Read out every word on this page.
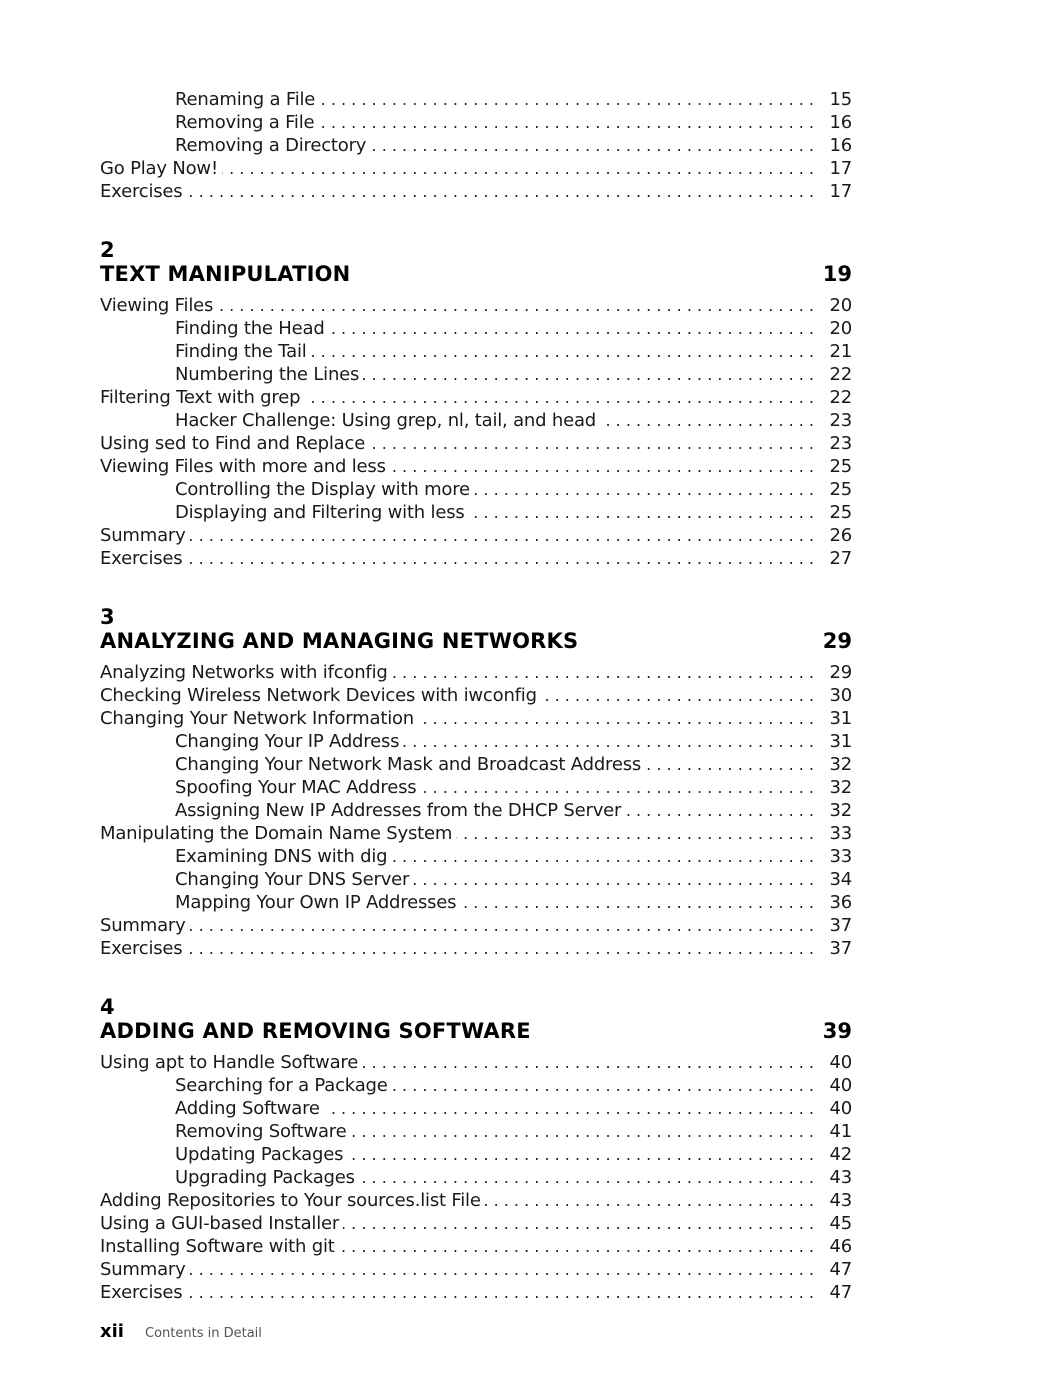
Renaming a File . . .	15
Removing a File . . .	16
Removing a Directory . . .	16
Go Play Now! . . .	17
Exercises . . .	17
2
TEXT MANIPULATION	19
Viewing Files . . .	20
Finding the Head . . .	20
Finding the Tail . . .	21
Numbering the Lines . . .	22
Filtering Text with grep . . .	22
Hacker Challenge: Using grep, nl, tail, and head . . .	23
Using sed to Find and Replace . . .	23
Viewing Files with more and less . . .	25
Controlling the Display with more . . .	25
Displaying and Filtering with less . . .	25
Summary . . .	26
Exercises . . .	27
3
ANALYZING AND MANAGING NETWORKS	29
Analyzing Networks with ifconfig . . .	29
Checking Wireless Network Devices with iwconfig . . .	30
Changing Your Network Information . . .	31
Changing Your IP Address . . .	31
Changing Your Network Mask and Broadcast Address . . .	32
Spoofing Your MAC Address . . .	32
Assigning New IP Addresses from the DHCP Server . . .	32
Manipulating the Domain Name System . . .	33
Examining DNS with dig . . .	33
Changing Your DNS Server . . .	34
Mapping Your Own IP Addresses . . .	36
Summary . . .	37
Exercises . . .	37
4
ADDING AND REMOVING SOFTWARE	39
Using apt to Handle Software . . .	40
Searching for a Package . . .	40
Adding Software . . .	40
Removing Software . . .	41
Updating Packages . . .	42
Upgrading Packages . . .	43
Adding Repositories to Your sources.list File . . .	43
Using a GUI-based Installer . . .	45
Installing Software with git . . .	46
Summary . . .	47
Exercises . . .	47
xii	Contents in Detail
